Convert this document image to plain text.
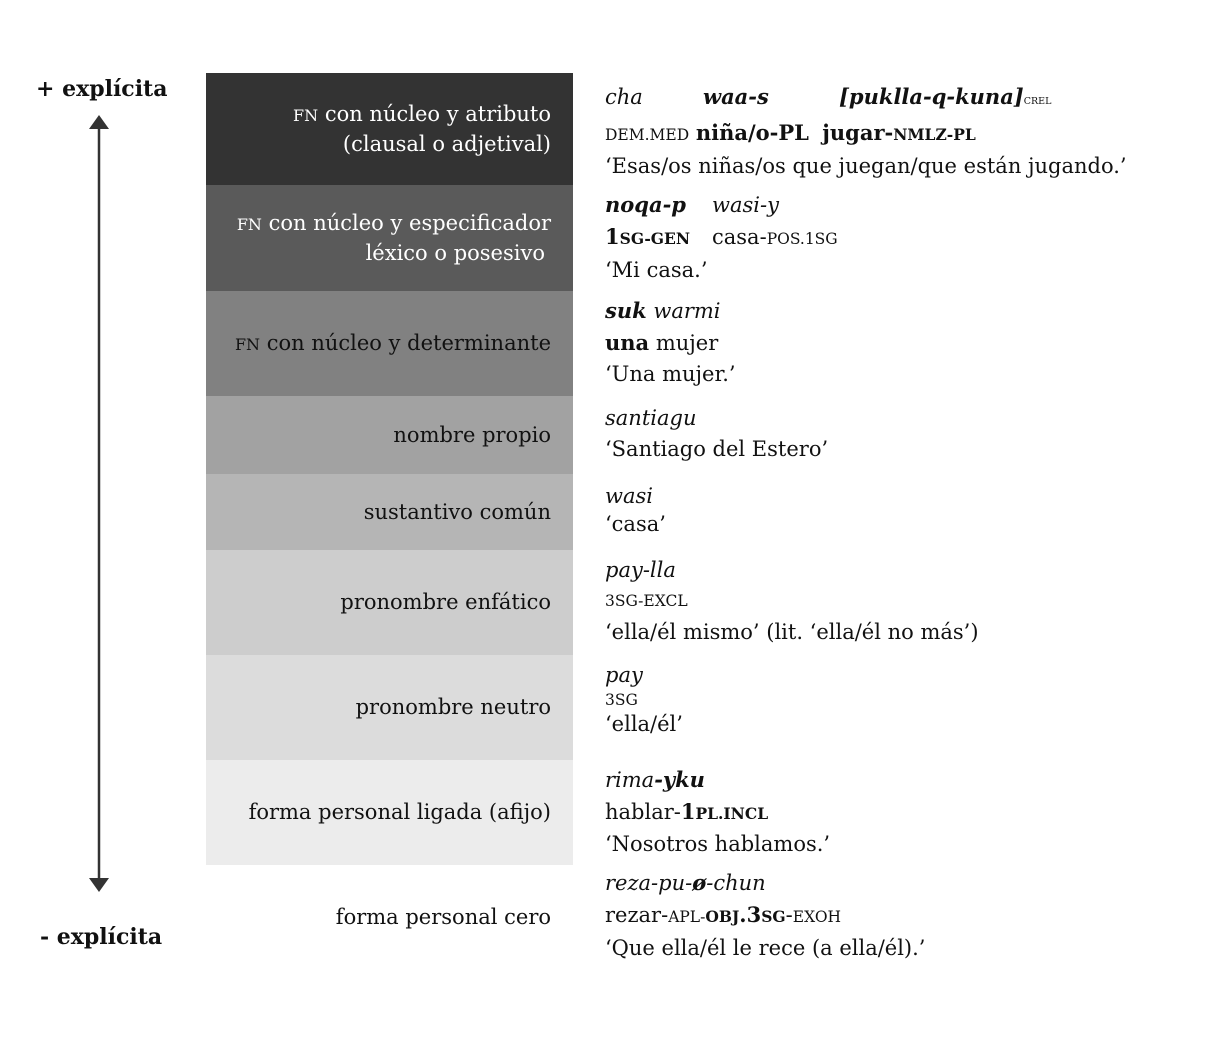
+ explícita
- explícita
FN con núcleo y atributo
(clausal o adjetival)
FN con núcleo y especificador
léxico o posesivo
FN con núcleo y determinante
nombre propio
sustantivo común
pronombre enfático
pronombre neutro
forma personal ligada (afijo)
forma personal cero
cha	waa-s	[puklla-q-kuna]CREL
DEM.MED niña/o-PL jugar-NMLZ-PL
‘Esas/os niñas/os que juegan/que están jugando.’
noqa-p wasi-y
1SG-GEN casa-POS.1SG
‘Mi casa.’
suk warmi
una mujer
‘Una mujer.’
santiagu
‘Santiago del Estero’
wasi
‘casa’
pay-lla
3SG-EXCL
‘ella/él mismo’ (lit. ‘ella/él no más’)
pay
3SG
‘ella/él’
rima-yku
hablar-1PL.INCL
‘Nosotros hablamos.’
reza-pu-ø-chun
rezar-APL-OBJ.3SG-EXOH
‘Que ella/él le rece (a ella/él).’
